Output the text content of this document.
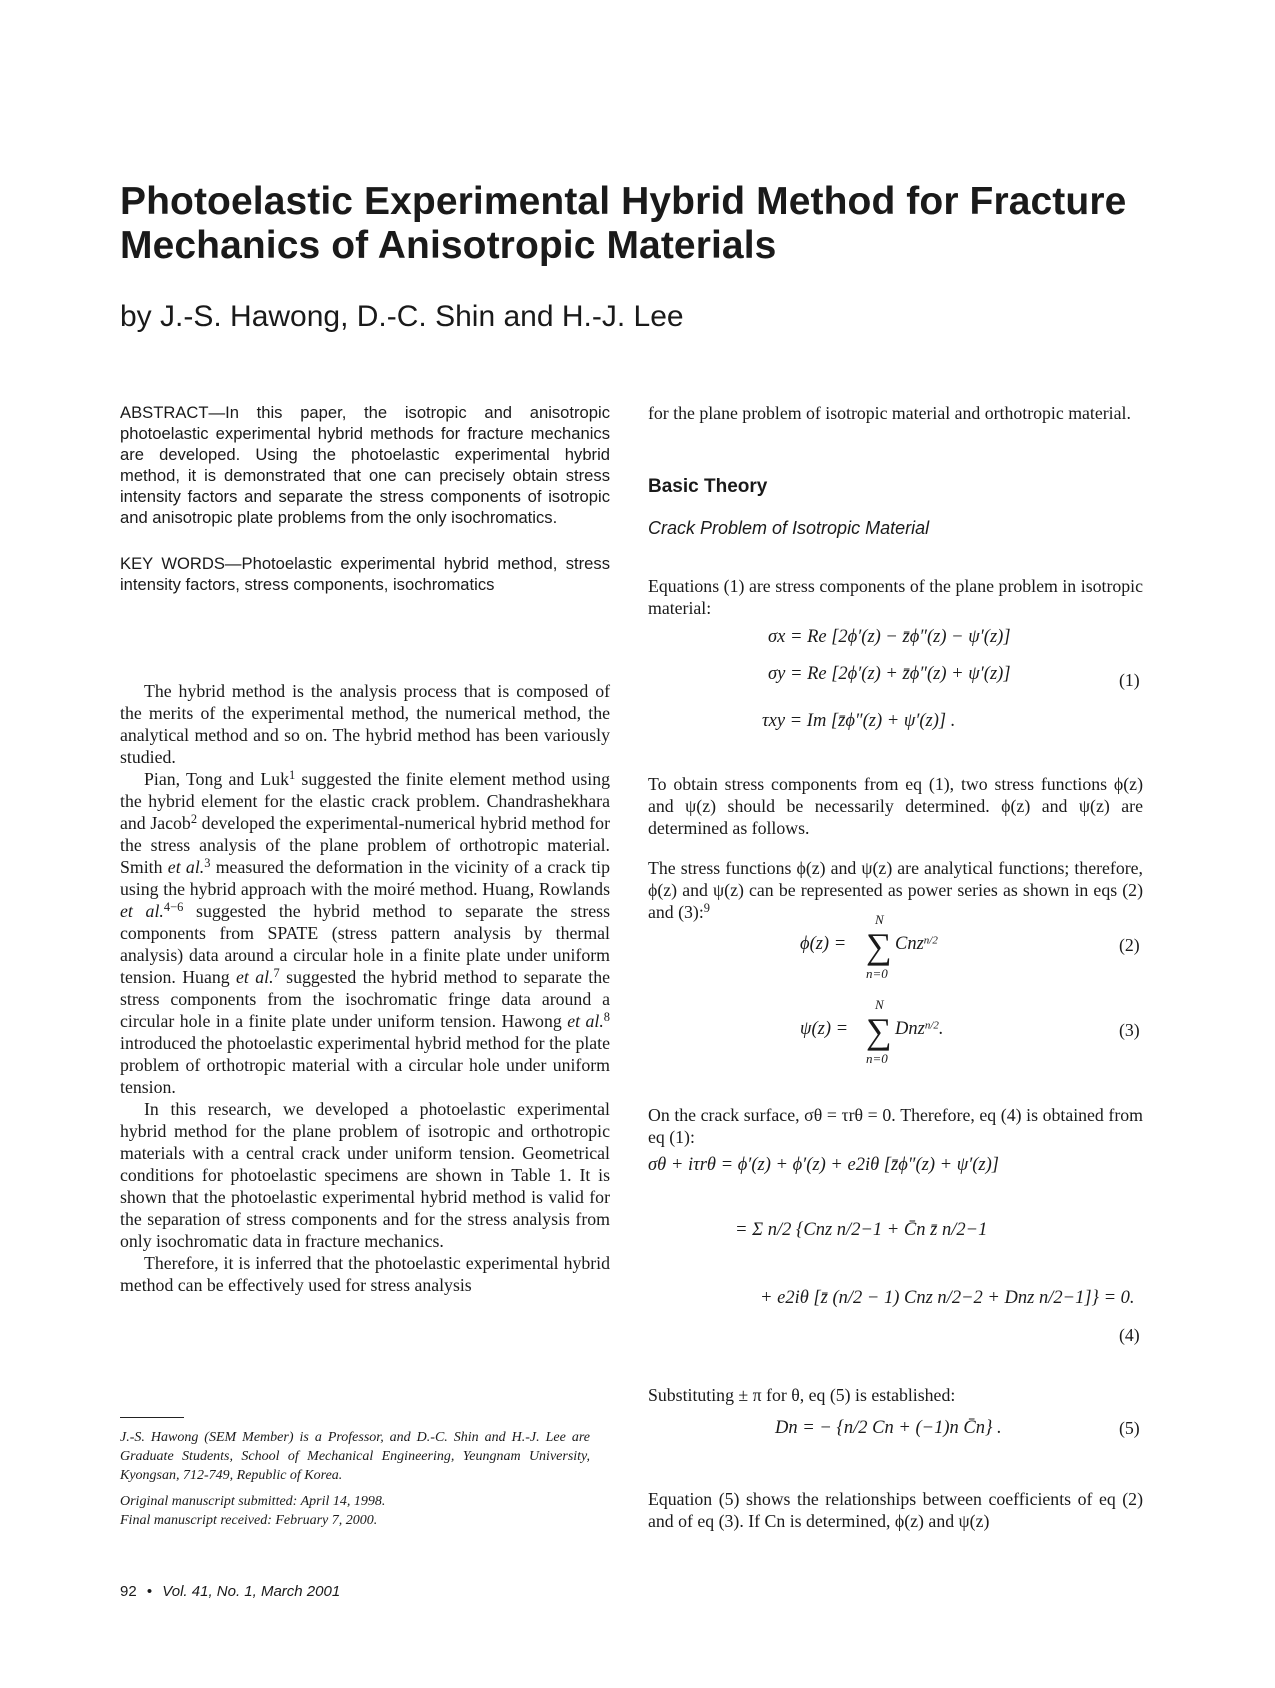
Photoelastic Experimental Hybrid Method for Fracture Mechanics of Anisotropic Materials
by J.-S. Hawong, D.-C. Shin and H.-J. Lee
ABSTRACT—In this paper, the isotropic and anisotropic photoelastic experimental hybrid methods for fracture mechanics are developed. Using the photoelastic experimental hybrid method, it is demonstrated that one can precisely obtain stress intensity factors and separate the stress components of isotropic and anisotropic plate problems from the only isochromatics.
KEY WORDS—Photoelastic experimental hybrid method, stress intensity factors, stress components, isochromatics

The hybrid method is the analysis process that is composed of the merits of the experimental method, the numerical method, the analytical method and so on. The hybrid method has been variously studied.

Pian, Tong and Luk$^1$ suggested the finite element method using the hybrid element for the elastic crack problem. Chandrashekhara and Jacob$^2$ developed the experimental-numerical hybrid method for the stress analysis of the plane problem of orthotropic material. Smith et al.$^3$ measured the deformation in the vicinity of a crack tip using the hybrid approach with the moiré method. Huang, Rowlands et al.$^{4-6}$ suggested the hybrid method to separate the stress components from SPATE (stress pattern analysis by thermal analysis) data around a circular hole in a finite plate under uniform tension. Huang et al.$^7$ suggested the hybrid method to separate the stress components from the isochromatic fringe data around a circular hole in a finite plate under uniform tension. Hawong et al.$^8$ introduced the photoelastic experimental hybrid method for the plate problem of orthotropic material with a circular hole under uniform tension.

In this research, we developed a photoelastic experimental hybrid method for the plane problem of isotropic and orthotropic materials with a central crack under uniform tension. Geometrical conditions for photoelastic specimens are shown in Table 1. It is shown that the photoelastic experimental hybrid method is valid for the separation of stress components and for the stress analysis from only isochromatic data in fracture mechanics.

Therefore, it is inferred that the photoelastic experimental hybrid method can be effectively used for stress analysis

J.-S. Hawong (SEM Member) is a Professor, and D.-C. Shin and H.-J. Lee are Graduate Students, School of Mechanical Engineering, Yeungnam University, Kyongsan, 712-749, Republic of Korea.

Original manuscript submitted: April 14, 1998.

Final manuscript received: February 7, 2000.

92 • Vol. 41, No. 1, March 2001
for the plane problem of isotropic material and orthotropic material.
Basic Theory
Crack Problem of Isotropic Material

Equations (1) are stress components of the plane problem in isotropic material:

σx = Re [2ϕ′(z) − z̄ϕ″(z) − ψ′(z)]
σy = Re [2ϕ′(z) + z̄ϕ″(z) + ψ′(z)]
τxy = Im [z̄ϕ″(z) + ψ′(z)] .
(1)

To obtain stress components from eq (1), two stress functions ϕ(z) and ψ(z) should be necessarily determined. ϕ(z) and ψ(z) are determined as follows.

The stress functions ϕ(z) and ψ(z) are analytical functions; therefore, ϕ(z) and ψ(z) can be represented as power series as shown in eqs (2) and (3):$^9$

ϕ(z) =
N
∑
n=0
Cnz$^{n/2}$	(2)
ψ(z) =
N
∑
n=0
Dnz$^{n/2}$.	(3)

On the crack surface, σθ = τrθ = 0. Therefore, eq (4) is obtained from eq (1):

σθ + iτrθ = ϕ′(z) + ϕ′(z) + e2iθ [z̄ϕ″(z) + ψ′(z)]
= Σ n/2 {Cnz n/2−1 + C̄n z̄ n/2−1
+ e2iθ [z̄ (n/2 − 1) Cnz n/2−2 + Dnz n/2−1]} = 0.
(4)

Substituting ± π for θ, eq (5) is established:

Dn = − {n/2 Cn + (−1)n C̄n} .	(5)

Equation (5) shows the relationships between coefficients of eq (2) and of eq (3). If Cn is determined, ϕ(z) and ψ(z)
